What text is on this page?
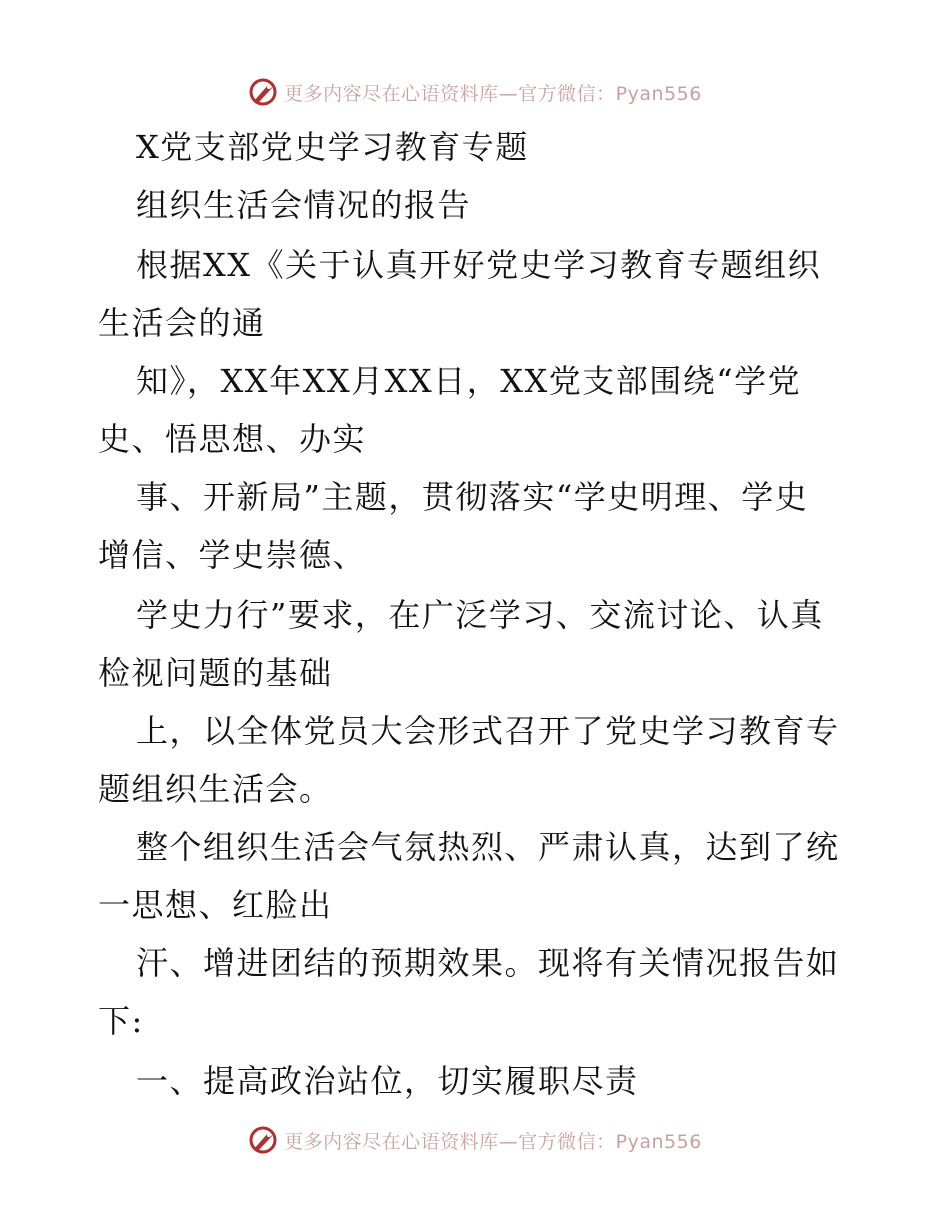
更多内容尽在心语资料库—官方微信：Pyan556
X党支部党史学习教育专题
组织生活会情况的报告
根据XX《关于认真开好党史学习教育专题组织
生活会的通
知》，XX年XX月XX日，XX党支部围绕“学党
史、悟思想、办实
事、开新局”主题，贯彻落实“学史明理、学史
增信、学史崇德、
学史力行”要求，在广泛学习、交流讨论、认真
检视问题的基础
上，以全体党员大会形式召开了党史学习教育专
题组织生活会。
整个组织生活会气氛热烈、严肃认真，达到了统
一思想、红脸出
汗、增进团结的预期效果。现将有关情况报告如
下:
一、提高政治站位，切实履职尽责
更多内容尽在心语资料库—官方微信：Pyan556
